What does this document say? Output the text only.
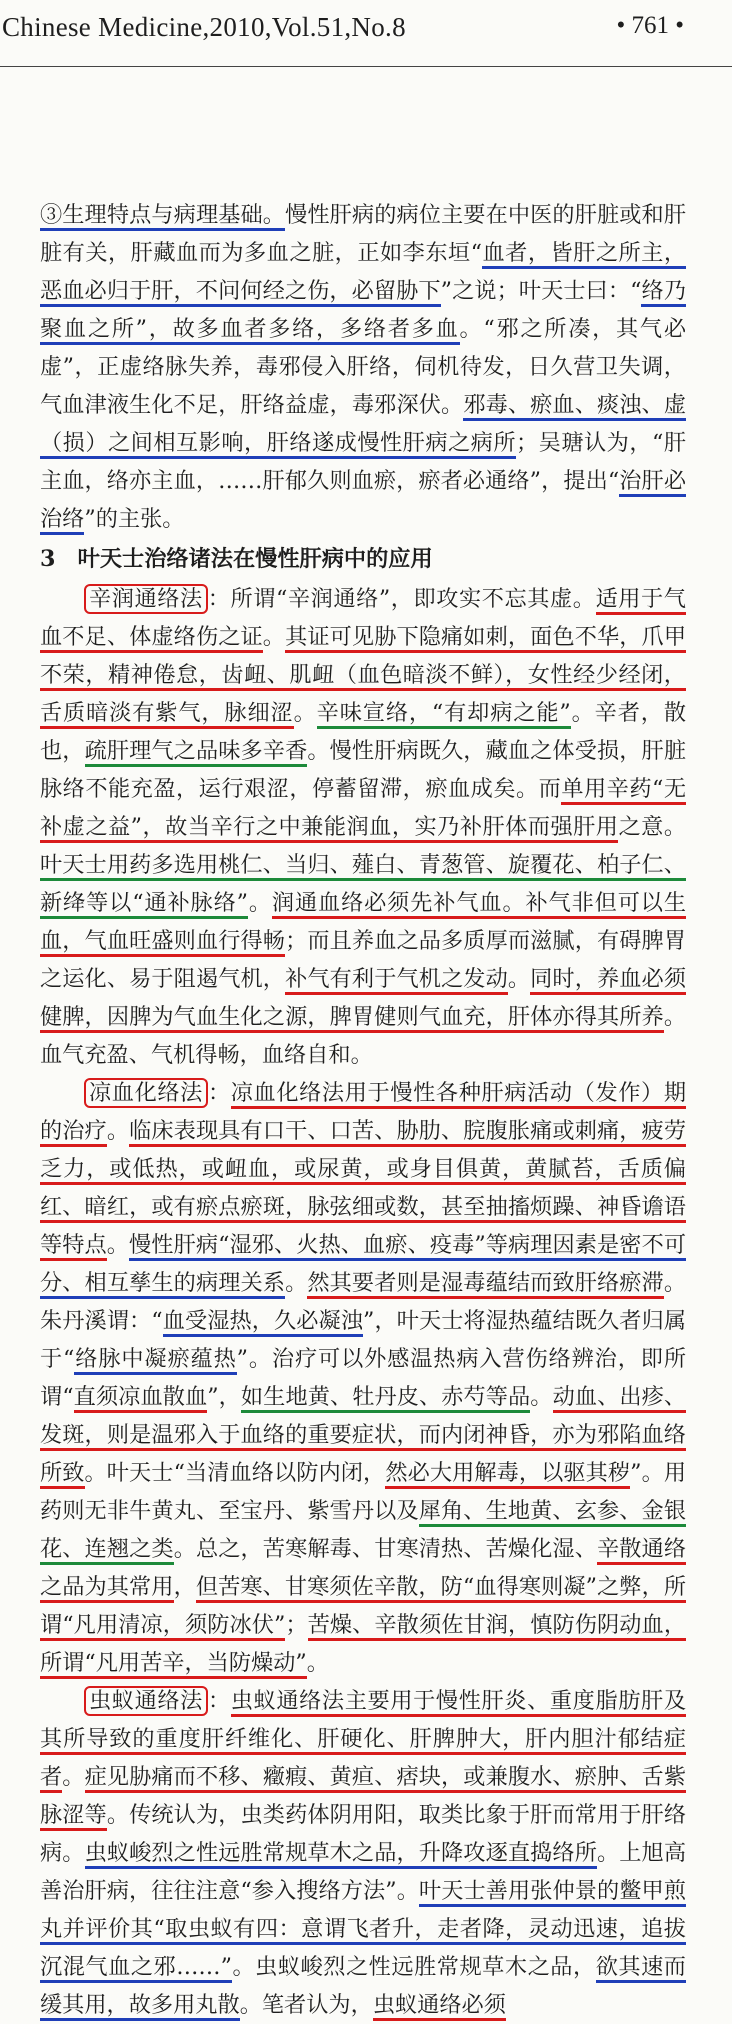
Chinese Medicine,2010,Vol.51,No.8	• 761 •

③生理特点与病理基础。慢性肝病的病位主要在中医的肝脏或和肝脏有关，肝藏血而为多血之脏，正如李东垣“血者，皆肝之所主，恶血必归于肝，不问何经之伤，必留胁下”之说；叶天士曰：“络乃聚血之所”，故多血者多络，多络者多血。“邪之所凑，其气必虚”，正虚络脉失养，毒邪侵入肝络，伺机待发，日久营卫失调，气血津液生化不足，肝络益虚，毒邪深伏。邪毒、瘀血、痰浊、虚（损）之间相互影响，肝络遂成慢性肝病之病所；吴瑭认为，“肝主血，络亦主血，……肝郁久则血瘀，瘀者必通络”，提出“治肝必治络”的主张。

3　叶天士治络诸法在慢性肝病中的应用

辛润通络法 ：所谓“辛润通络”，即攻实不忘其虚。适用于气血不足、体虚络伤之证。其证可见胁下隐痛如刺，面色不华，爪甲不荣，精神倦怠，齿衄、肌衄（血色暗淡不鲜），女性经少经闭，舌质暗淡有紫气，脉细涩。辛味宣络，“有却病之能”。辛者，散也，疏肝理气之品味多辛香。慢性肝病既久，藏血之体受损，肝脏脉络不能充盈，运行艰涩，停蓄留滞，瘀血成矣。而单用辛药“无补虚之益”，故当辛行之中兼能润血，实乃补肝体而强肝用之意。叶天士用药多选用桃仁、当归、薤白、青葱管、旋覆花、柏子仁、新绛等以“通补脉络”。润通血络必须先补气血。补气非但可以生血，气血旺盛则血行得畅；而且养血之品多质厚而滋腻，有碍脾胃之运化、易于阻遏气机，补气有利于气机之发动。同时，养血必须健脾，因脾为气血生化之源，脾胃健则气血充，肝体亦得其所养。血气充盈、气机得畅，血络自和。

凉血化络法 ：凉血化络法用于慢性各种肝病活动（发作）期的治疗。临床表现具有口干、口苦、胁肋、脘腹胀痛或刺痛，疲劳乏力，或低热，或衄血，或尿黄，或身目俱黄，黄腻苔，舌质偏红、暗红，或有瘀点瘀斑，脉弦细或数，甚至抽搐烦躁、神昏谵语等特点。慢性肝病“湿邪、火热、血瘀、疫毒”等病理因素是密不可分、相互孳生的病理关系。然其要者则是湿毒蕴结而致肝络瘀滞。朱丹溪谓：“血受湿热，久必凝浊”，叶天士将湿热蕴结既久者归属于“络脉中凝瘀蕴热”。治疗可以外感温热病入营伤络辨治，即所谓“直须凉血散血”，如生地黄、牡丹皮、赤芍等品。动血、出疹、发斑，则是温邪入于血络的重要症状，而内闭神昏，亦为邪陷血络所致。叶天士“当清血络以防内闭，然必大用解毒，以驱其秽”。用药则无非牛黄丸、至宝丹、紫雪丹以及犀角、生地黄、玄参、金银花、连翘之类。总之，苦寒解毒、甘寒清热、苦燥化湿、辛散通络之品为其常用，但苦寒、甘寒须佐辛散，防“血得寒则凝”之弊，所谓“凡用清凉，须防冰伏”；苦燥、辛散须佐甘润，慎防伤阴动血，所谓“凡用苦辛，当防燥动”。

虫蚁通络法 ：虫蚁通络法主要用于慢性肝炎、重度脂肪肝及其所导致的重度肝纤维化、肝硬化、肝脾肿大，肝内胆汁郁结症者。症见胁痛而不移、癥瘕、黄疸、痞块，或兼腹水、瘀肿、舌紫脉涩等。传统认为，虫类药体阴用阳，取类比象于肝而常用于肝络病。虫蚁峻烈之性远胜常规草木之品，升降攻逐直捣络所。上旭高善治肝病，往往注意“参入搜络方法”。叶天士善用张仲景的鳖甲煎丸并评价其“取虫蚁有四：意谓飞者升，走者降，灵动迅速，追拔沉混气血之邪……”。虫蚁峻烈之性远胜常规草木之品，欲其速而缓其用，故多用丸散。笔者认为，虫蚁通络必须
